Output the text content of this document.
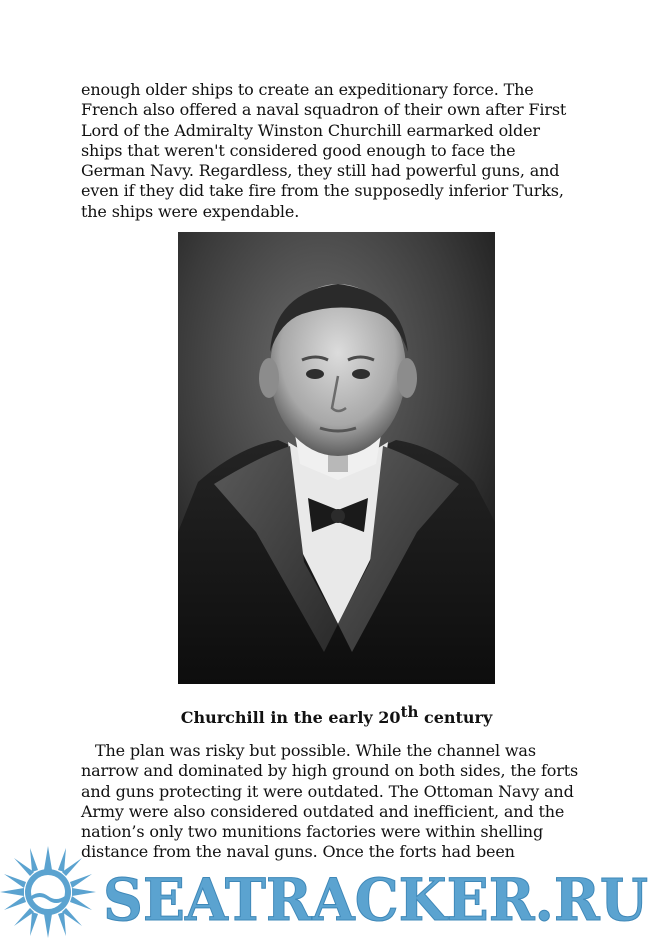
enough older ships to create an expeditionary force. The French also offered a naval squadron of their own after First Lord of the Admiralty Winston Churchill earmarked older ships that weren't considered good enough to face the German Navy. Regardless, they still had powerful guns, and even if they did take fire from the supposedly inferior Turks, the ships were expendable.

Churchill in the early 20th century

The plan was risky but possible. While the channel was narrow and dominated by high ground on both sides, the forts and guns protecting it were outdated. The Ottoman Navy and Army were also considered outdated and inefficient, and the nation’s only two munitions factories were within shelling distance from the naval guns. Once the forts had been

SEATRACKER.RU
